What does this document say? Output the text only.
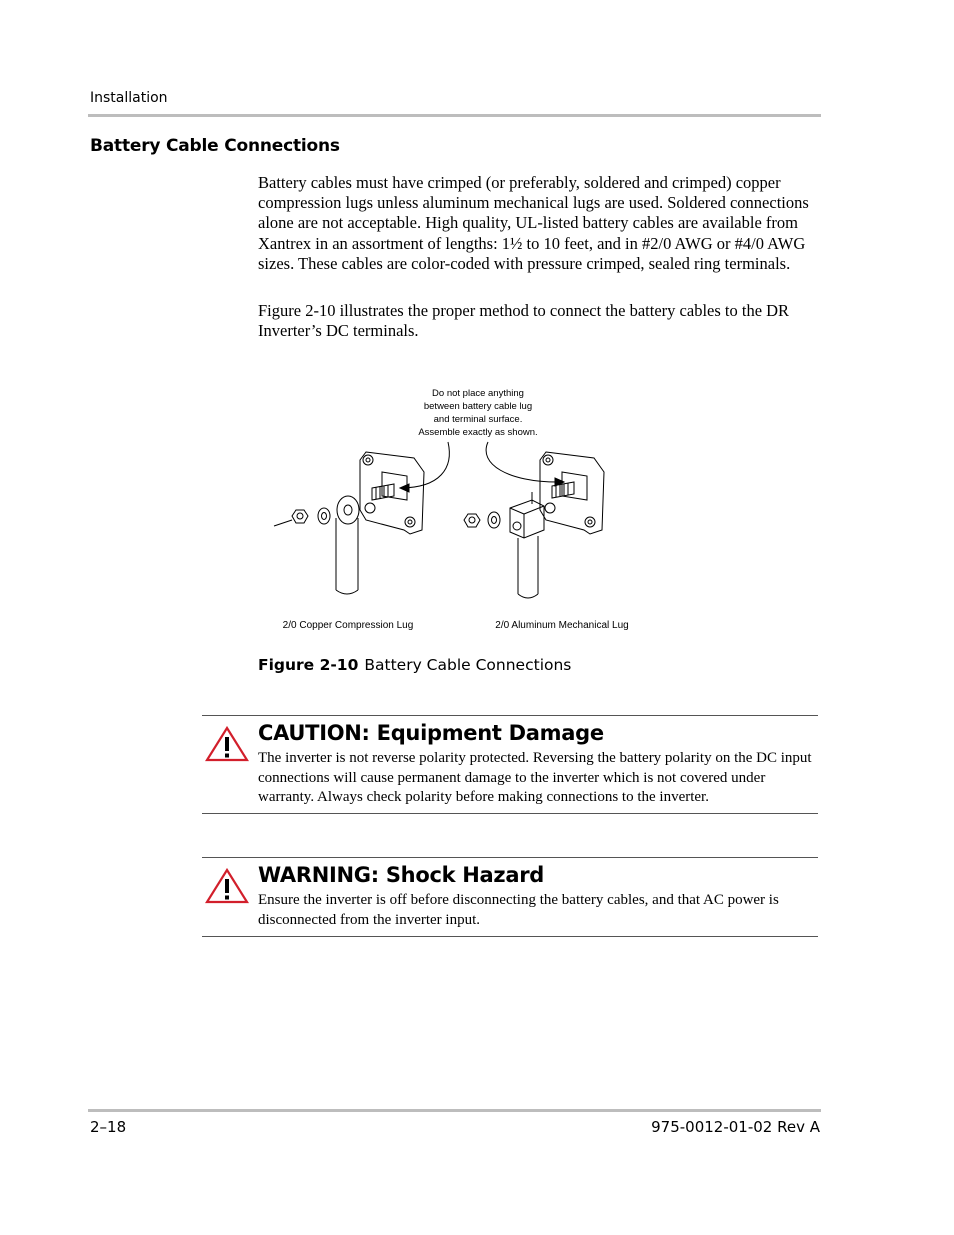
Installation
Battery Cable Connections
Battery cables must have crimped (or preferably, soldered and crimped) copper compression lugs unless aluminum mechanical lugs are used. Soldered connections alone are not acceptable. High quality, UL-listed battery cables are available from Xantrex in an assortment of lengths: 1½ to 10 feet, and in #2/0 AWG or #4/0 AWG sizes. These cables are color-coded with pressure crimped, sealed ring terminals.
Figure 2-10 illustrates the proper method to connect the battery cables to the DR Inverter’s DC terminals.
Do not place anything
between battery cable lug
and terminal surface.
Assemble exactly as shown.
2/0 Copper Compression Lug	2/0 Aluminum Mechanical Lug
Figure 2-10 Battery Cable Connections
CAUTION: Equipment Damage
The inverter is not reverse polarity protected. Reversing the battery polarity on the DC input connections will cause permanent damage to the inverter which is not covered under warranty. Always check polarity before making connections to the inverter.
WARNING: Shock Hazard
Ensure the inverter is off before disconnecting the battery cables, and that AC power is disconnected from the inverter input.
2–18	975-0012-01-02 Rev A
